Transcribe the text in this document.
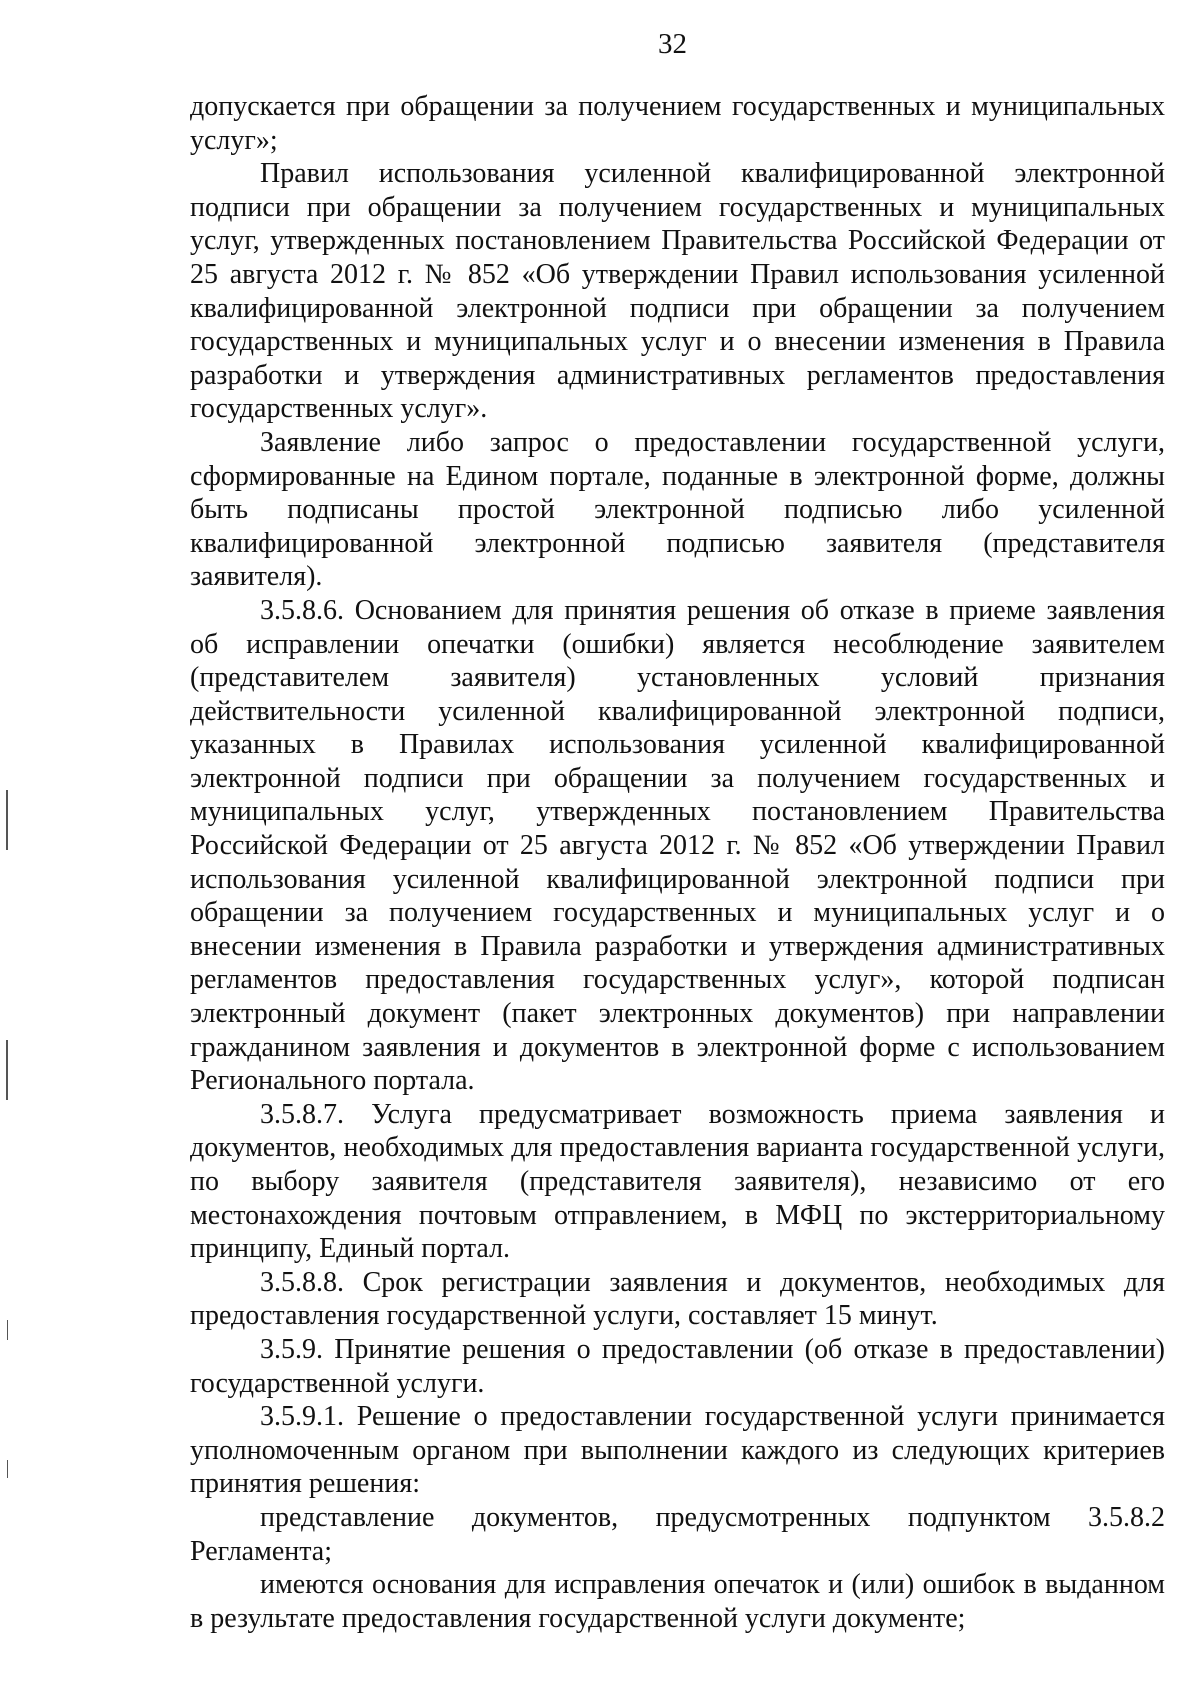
32

допускается при обращении за получением государственных и муниципальных услуг»;

Правил использования усиленной квалифицированной электронной подписи при обращении за получением государственных и муниципальных услуг, утвержденных постановлением Правительства Российской Федерации от 25 августа 2012 г. № 852 «Об утверждении Правил использования усиленной квалифицированной электронной подписи при обращении за получением государственных и муниципальных услуг и о внесении изменения в Правила разработки и утверждения административных регламентов предоставления государственных услуг».

Заявление либо запрос о предоставлении государственной услуги, сформированные на Едином портале, поданные в электронной форме, должны быть подписаны простой электронной подписью либо усиленной квалифицированной электронной подписью заявителя (представителя заявителя).

3.5.8.6. Основанием для принятия решения об отказе в приеме заявления об исправлении опечатки (ошибки) является несоблюдение заявителем (представителем заявителя) установленных условий признания действительности усиленной квалифицированной электронной подписи, указанных в Правилах использования усиленной квалифицированной электронной подписи при обращении за получением государственных и муниципальных услуг, утвержденных постановлением Правительства Российской Федерации от 25 августа 2012 г. № 852 «Об утверждении Правил использования усиленной квалифицированной электронной подписи при обращении за получением государственных и муниципальных услуг и о внесении изменения в Правила разработки и утверждения административных регламентов предоставления государственных услуг», которой подписан электронный документ (пакет электронных документов) при направлении гражданином заявления и документов в электронной форме с использованием Регионального портала.

3.5.8.7. Услуга предусматривает возможность приема заявления и документов, необходимых для предоставления варианта государственной услуги, по выбору заявителя (представителя заявителя), независимо от его местонахождения почтовым отправлением, в МФЦ по экстерриториальному принципу, Единый портал.

3.5.8.8. Срок регистрации заявления и документов, необходимых для предоставления государственной услуги, составляет 15 минут.

3.5.9. Принятие решения о предоставлении (об отказе в предоставлении) государственной услуги.

3.5.9.1. Решение о предоставлении государственной услуги принимается уполномоченным органом при выполнении каждого из следующих критериев принятия решения:

представление документов, предусмотренных подпунктом 3.5.8.2 Регламента;

имеются основания для исправления опечаток и (или) ошибок в выданном в результате предоставления государственной услуги документе;
